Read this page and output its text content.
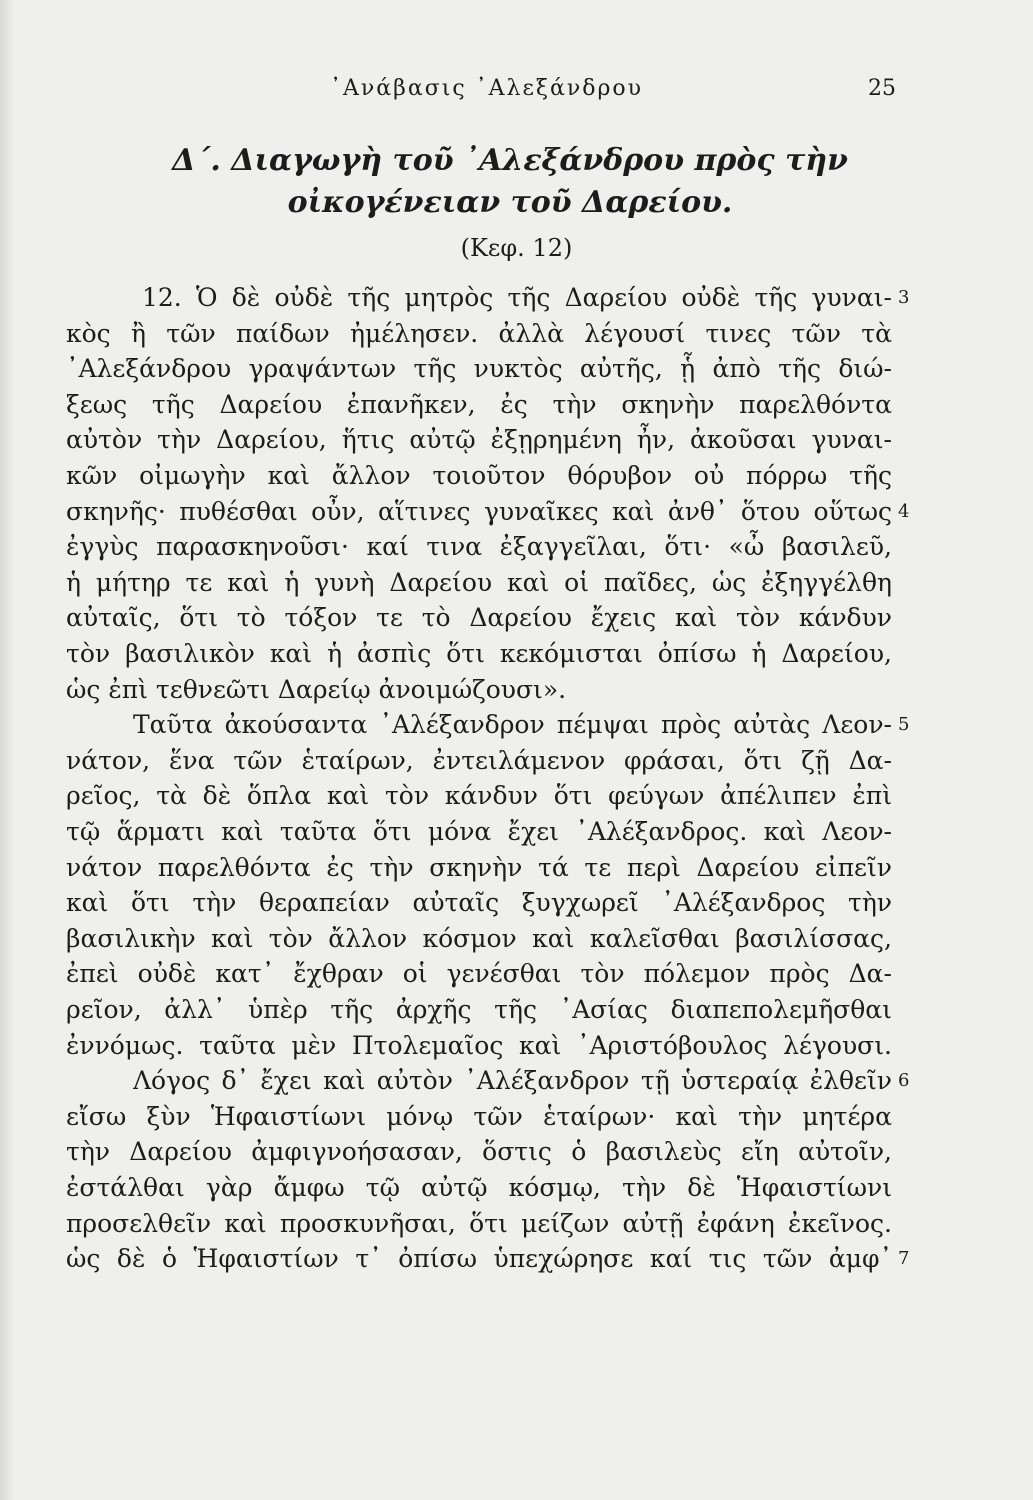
᾿Ανάβασις ᾿Αλεξάνδρου	25
Δ΄. Διαγωγὴ τοῦ ᾿Αλεξάνδρου πρὸς τὴν
οἰκογένειαν τοῦ Δαρείου.
(Κεφ. 12)
12. Ὁ δὲ οὐδὲ τῆς μητρὸς τῆς Δαρείου οὐδὲ τῆς γυναι- 3
κὸς ἢ τῶν παίδων ἠμέλησεν. ἀλλὰ λέγουσί τινες τῶν τὰ
᾿Αλεξάνδρου γραψάντων τῆς νυκτὸς αὐτῆς, ᾗ ἀπὸ τῆς διώ-
ξεως τῆς Δαρείου ἐπανῆκεν, ἐς τὴν σκηνὴν παρελθόντα
αὐτὸν τὴν Δαρείου, ἥτις αὐτῷ ἐξῃρημένη ἦν, ἀκοῦσαι γυναι-
κῶν οἰμωγὴν καὶ ἄλλον τοιοῦτον θόρυβον οὐ πόρρω τῆς
σκηνῆς· πυθέσθαι οὖν, αἵτινες γυναῖκες καὶ ἀνθ᾿ ὅτου οὕτως 4
ἐγγὺς παρασκηνοῦσι· καί τινα ἐξαγγεῖλαι, ὅτι· «ὦ βασιλεῦ,
ἡ μήτηρ τε καὶ ἡ γυνὴ Δαρείου καὶ οἱ παῖδες, ὡς ἐξηγγέλθη
αὐταῖς, ὅτι τὸ τόξον τε τὸ Δαρείου ἔχεις καὶ τὸν κάνδυν
τὸν βασιλικὸν καὶ ἡ ἀσπὶς ὅτι κεκόμισται ὀπίσω ἡ Δαρείου,
ὡς ἐπὶ τεθνεῶτι Δαρείῳ ἀνοιμώζουσι».
Ταῦτα ἀκούσαντα ᾿Αλέξανδρον πέμψαι πρὸς αὐτὰς Λεον- 5
νάτον, ἕνα τῶν ἑταίρων, ἐντειλάμενον φράσαι, ὅτι ζῇ Δα-
ρεῖος, τὰ δὲ ὅπλα καὶ τὸν κάνδυν ὅτι φεύγων ἀπέλιπεν ἐπὶ
τῷ ἅρματι καὶ ταῦτα ὅτι μόνα ἔχει ᾿Αλέξανδρος. καὶ Λεον-
νάτον παρελθόντα ἐς τὴν σκηνὴν τά τε περὶ Δαρείου εἰπεῖν
καὶ ὅτι τὴν θεραπείαν αὐταῖς ξυγχωρεῖ ᾿Αλέξανδρος τὴν
βασιλικὴν καὶ τὸν ἄλλον κόσμον καὶ καλεῖσθαι βασιλίσσας,
ἐπεὶ οὐδὲ κατ᾿ ἔχθραν οἱ γενέσθαι τὸν πόλεμον πρὸς Δα-
ρεῖον, ἀλλ᾿ ὑπὲρ τῆς ἀρχῆς τῆς ᾿Ασίας διαπεπολεμῆσθαι
ἐννόμως. ταῦτα μὲν Πτολεμαῖος καὶ ᾿Αριστόβουλος λέγουσι.
Λόγος δ᾿ ἔχει καὶ αὐτὸν ᾿Αλέξανδρον τῇ ὑστεραίᾳ ἐλθεῖν 6
εἴσω ξὺν Ἡφαιστίωνι μόνῳ τῶν ἑταίρων· καὶ τὴν μητέρα
τὴν Δαρείου ἀμφιγνοήσασαν, ὅστις ὁ βασιλεὺς εἴη αὐτοῖν,
ἐστάλθαι γὰρ ἄμφω τῷ αὐτῷ κόσμῳ, τὴν δὲ Ἡφαιστίωνι
προσελθεῖν καὶ προσκυνῆσαι, ὅτι μείζων αὐτῇ ἐφάνη ἐκεῖνος.
ὡς δὲ ὁ Ἡφαιστίων τ᾿ ὀπίσω ὑπεχώρησε καί τις τῶν ἀμφ᾿ 7
